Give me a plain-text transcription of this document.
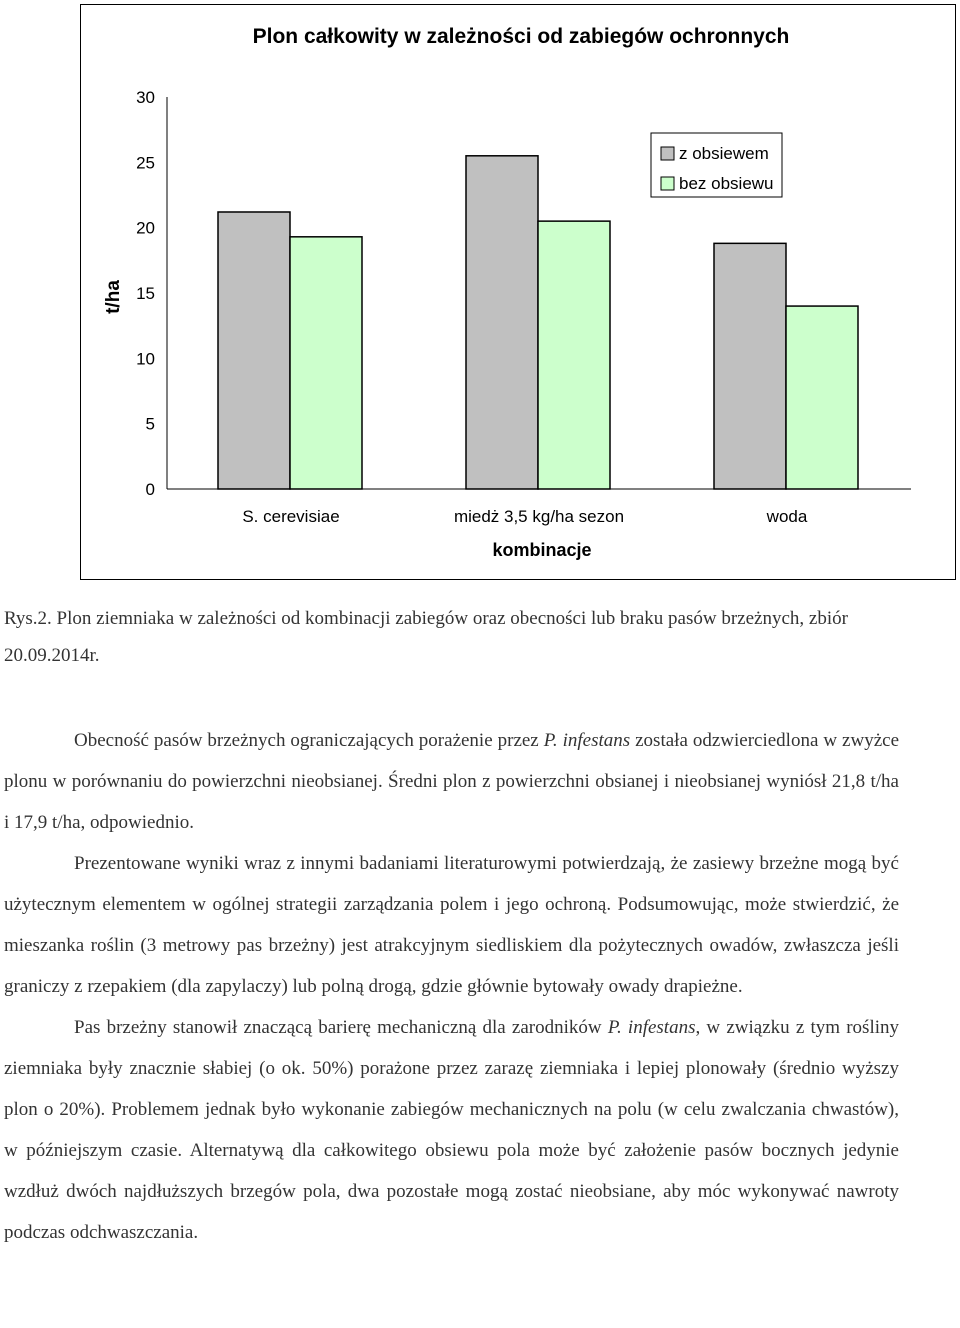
Plon całkowity w zależności od zabiegów ochronnych
0
5
10
15
20
25
30
S. cerevisiae	miedż 3,5 kg/ha sezon	woda
t/ha
kombinacje
z obsiewem
bez obsiewu
Rys.2. Plon ziemniaka w zależności od kombinacji zabiegów oraz obecności lub braku pasów brzeżnych, zbiór 20.09.2014r.

Obecność pasów brzeżnych ograniczających porażenie przez P. infestans została odzwierciedlona w zwyżce plonu w porównaniu do powierzchni nieobsianej. Średni plon z powierzchni obsianej i nieobsianej wyniósł 21,8 t/ha i 17,9 t/ha, odpowiednio.

Prezentowane wyniki wraz z innymi badaniami literaturowymi potwierdzają, że zasiewy brzeżne mogą być użytecznym elementem w ogólnej strategii zarządzania polem i jego ochroną. Podsumowując, może stwierdzić, że mieszanka roślin (3 metrowy pas brzeżny) jest atrakcyjnym siedliskiem dla pożytecznych owadów, zwłaszcza jeśli graniczy z rzepakiem (dla zapylaczy) lub polną drogą, gdzie głównie bytowały owady drapieżne.

Pas brzeżny stanowił znaczącą barierę mechaniczną dla zarodników P. infestans, w związku z tym rośliny ziemniaka były znacznie słabiej (o ok. 50%) porażone przez zarazę ziemniaka i lepiej plonowały (średnio wyższy plon o 20%). Problemem jednak było wykonanie zabiegów mechanicznych na polu (w celu zwalczania chwastów), w późniejszym czasie. Alternatywą dla całkowitego obsiewu pola może być założenie pasów bocznych jedynie wzdłuż dwóch najdłuższych brzegów pola, dwa pozostałe mogą zostać nieobsiane, aby móc wykonywać nawroty podczas odchwaszczania.
